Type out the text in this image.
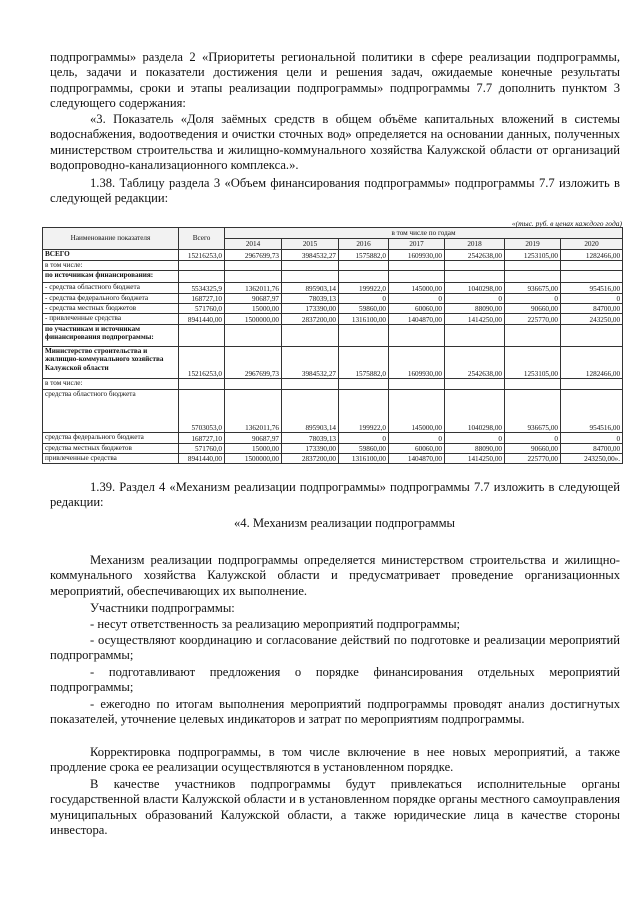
подпрограммы» раздела 2 «Приоритеты региональной политики в сфере реализации подпрограммы, цель, задачи и показатели достижения цели и решения задач, ожидаемые конечные результаты подпрограммы, сроки и этапы реализации подпрограммы» подпрограммы 7.7 дополнить пунктом 3 следующего содержания:

«3. Показатель «Доля заёмных средств в общем объёме капитальных вложений в системы водоснабжения, водоотведения и очистки сточных вод» определяется на основании данных, полученных министерством строительства и жилищно-коммунального хозяйства Калужской области от организаций водопроводно-канализационного комплекса.».

1.38. Таблицу раздела 3 «Объем финансирования подпрограммы» подпрограммы 7.7 изложить в следующей редакции:

«(тыс. руб. в ценах каждого года)
Наименование показателя	Всего	в том числе по годам						
		2014	2015	2016	2017	2018	2019	2020
ВСЕГО	15216253,0	2967699,73	3984532,27	1575882,0	1609930,00	2542638,00	1253105,00	1282466,00
в том числе:								
по источникам финансирования:								
- средства областного бюджета	5534325,9	1362011,76	895903,14	199922,0	145000,00	1040298,00	936675,00	954516,00
- средства федерального бюджета	168727,10	90687,97	78039,13	0	0	0	0	0
- средства местных бюджетов	571760,0	15000,00	173390,00	59860,00	60060,00	88090,00	90660,00	84700,00
- привлеченные средства	8941440,00	1500000,00	2837200,00	1316100,00	1404870,00	1414250,00	225770,00	243250,00
по участникам и источникам финансирования подпрограммы:								
Министерство строительства и жилищно-коммунального хозяйства Калужской области	15216253,0	2967699,73	3984532,27	1575882,0	1609930,00	2542638,00	1253105,00	1282466,00
в том числе:								
средства областного бюджета	5703053,0	1362011,76	895903,14	199922,0	145000,00	1040298,00	936675,00	954516,00
средства федерального бюджета	168727,10	90687,97	78039,13	0	0	0	0	0
средства местных бюджетов	571760,0	15000,00	173390,00	59860,00	60060,00	88090,00	90660,00	84700,00
привлеченные средства	8941440,00	1500000,00	2837200,00	1316100,00	1404870,00	1414250,00	225770,00	243250,00».

1.39. Раздел 4 «Механизм реализации подпрограммы» подпрограммы 7.7 изложить в следующей редакции:

«4. Механизм реализации подпрограммы

Механизм реализации подпрограммы определяется министерством строительства и жилищно-коммунального хозяйства Калужской области и предусматривает проведение организационных мероприятий, обеспечивающих их выполнение.

Участники подпрограммы:

- несут ответственность за реализацию мероприятий подпрограммы;

- осуществляют координацию и согласование действий по подготовке и реализации мероприятий подпрограммы;

- подготавливают предложения о порядке финансирования отдельных мероприятий подпрограммы;

- ежегодно по итогам выполнения мероприятий подпрограммы проводят анализ достигнутых показателей, уточнение целевых индикаторов и затрат по мероприятиям подпрограммы.

Корректировка подпрограммы, в том числе включение в нее новых мероприятий, а также продление срока ее реализации осуществляются в установленном порядке.

В качестве участников подпрограммы будут привлекаться исполнительные органы государственной власти Калужской области и в установленном порядке органы местного самоуправления муниципальных образований Калужской области, а также юридические лица в качестве стороны инвестора.
